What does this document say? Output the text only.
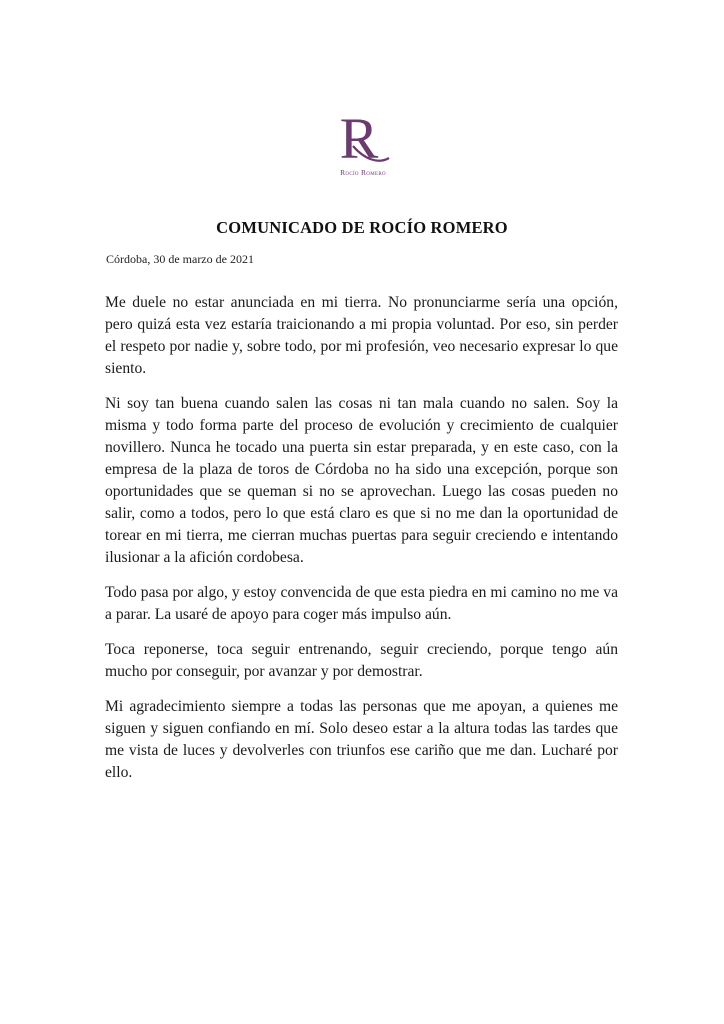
R
Rocío Romero
COMUNICADO DE ROCÍO ROMERO
Córdoba, 30 de marzo de 2021

Me duele no estar anunciada en mi tierra. No pronunciarme sería una opción, pero quizá esta vez estaría traicionando a mi propia voluntad. Por eso, sin perder el respeto por nadie y, sobre todo, por mi profesión, veo necesario expresar lo que siento.

Ni soy tan buena cuando salen las cosas ni tan mala cuando no salen. Soy la misma y todo forma parte del proceso de evolución y crecimiento de cualquier novillero. Nunca he tocado una puerta sin estar preparada, y en este caso, con la empresa de la plaza de toros de Córdoba no ha sido una excepción, porque son oportunidades que se queman si no se aprovechan. Luego las cosas pueden no salir, como a todos, pero lo que está claro es que si no me dan la oportunidad de torear en mi tierra, me cierran muchas puertas para seguir creciendo e intentando ilusionar a la afición cordobesa.

Todo pasa por algo, y estoy convencida de que esta piedra en mi camino no me va a parar. La usaré de apoyo para coger más impulso aún.

Toca reponerse, toca seguir entrenando, seguir creciendo, porque tengo aún mucho por conseguir, por avanzar y por demostrar.

Mi agradecimiento siempre a todas las personas que me apoyan, a quienes me siguen y siguen confiando en mí. Solo deseo estar a la altura todas las tardes que me vista de luces y devolverles con triunfos ese cariño que me dan. Lucharé por ello.
